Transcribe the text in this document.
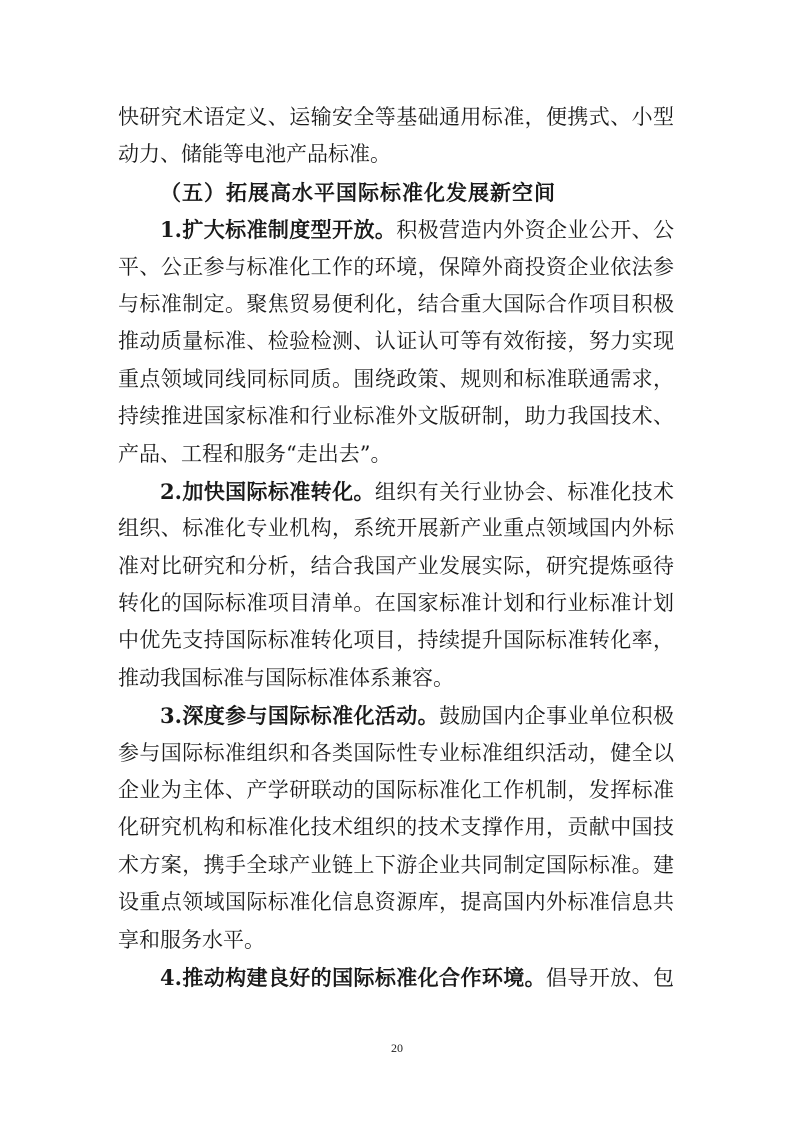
快研究术语定义、运输安全等基础通用标准，便携式、小型
动力、储能等电池产品标准。
（五）拓展高水平国际标准化发展新空间
1.扩大标准制度型开放。积极营造内外资企业公开、公
平、公正参与标准化工作的环境，保障外商投资企业依法参
与标准制定。聚焦贸易便利化，结合重大国际合作项目积极
推动质量标准、检验检测、认证认可等有效衔接，努力实现
重点领域同线同标同质。围绕政策、规则和标准联通需求，
持续推进国家标准和行业标准外文版研制，助力我国技术、
产品、工程和服务“走出去”。
2.加快国际标准转化。组织有关行业协会、标准化技术
组织、标准化专业机构，系统开展新产业重点领域国内外标
准对比研究和分析，结合我国产业发展实际，研究提炼亟待
转化的国际标准项目清单。在国家标准计划和行业标准计划
中优先支持国际标准转化项目，持续提升国际标准转化率，
推动我国标准与国际标准体系兼容。
3.深度参与国际标准化活动。鼓励国内企事业单位积极
参与国际标准组织和各类国际性专业标准组织活动，健全以
企业为主体、产学研联动的国际标准化工作机制，发挥标准
化研究机构和标准化技术组织的技术支撑作用，贡献中国技
术方案，携手全球产业链上下游企业共同制定国际标准。建
设重点领域国际标准化信息资源库，提高国内外标准信息共
享和服务水平。
4.推动构建良好的国际标准化合作环境。倡导开放、包
20
